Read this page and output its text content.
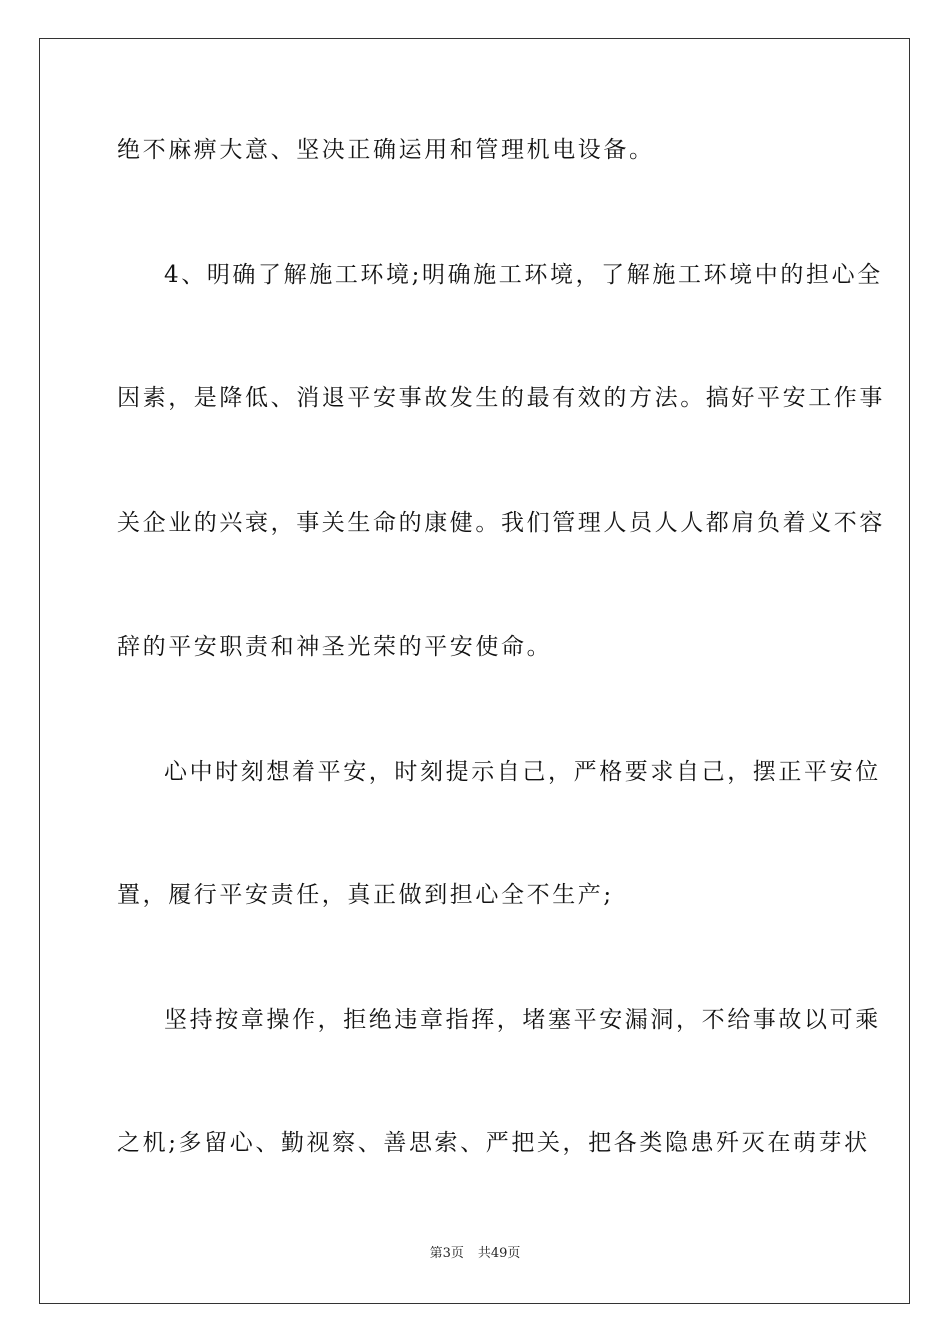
绝不麻痹大意、坚决正确运用和管理机电设备。
4、明确了解施工环境;明确施工环境，了解施工环境中的担心全
因素，是降低、消退平安事故发生的最有效的方法。搞好平安工作事
关企业的兴衰，事关生命的康健。我们管理人员人人都肩负着义不容
辞的平安职责和神圣光荣的平安使命。
心中时刻想着平安，时刻提示自己，严格要求自己，摆正平安位
置，履行平安责任，真正做到担心全不生产;
坚持按章操作，拒绝违章指挥，堵塞平安漏洞，不给事故以可乘
之机;多留心、勤视察、善思索、严把关，把各类隐患歼灭在萌芽状
第3页 共49页
